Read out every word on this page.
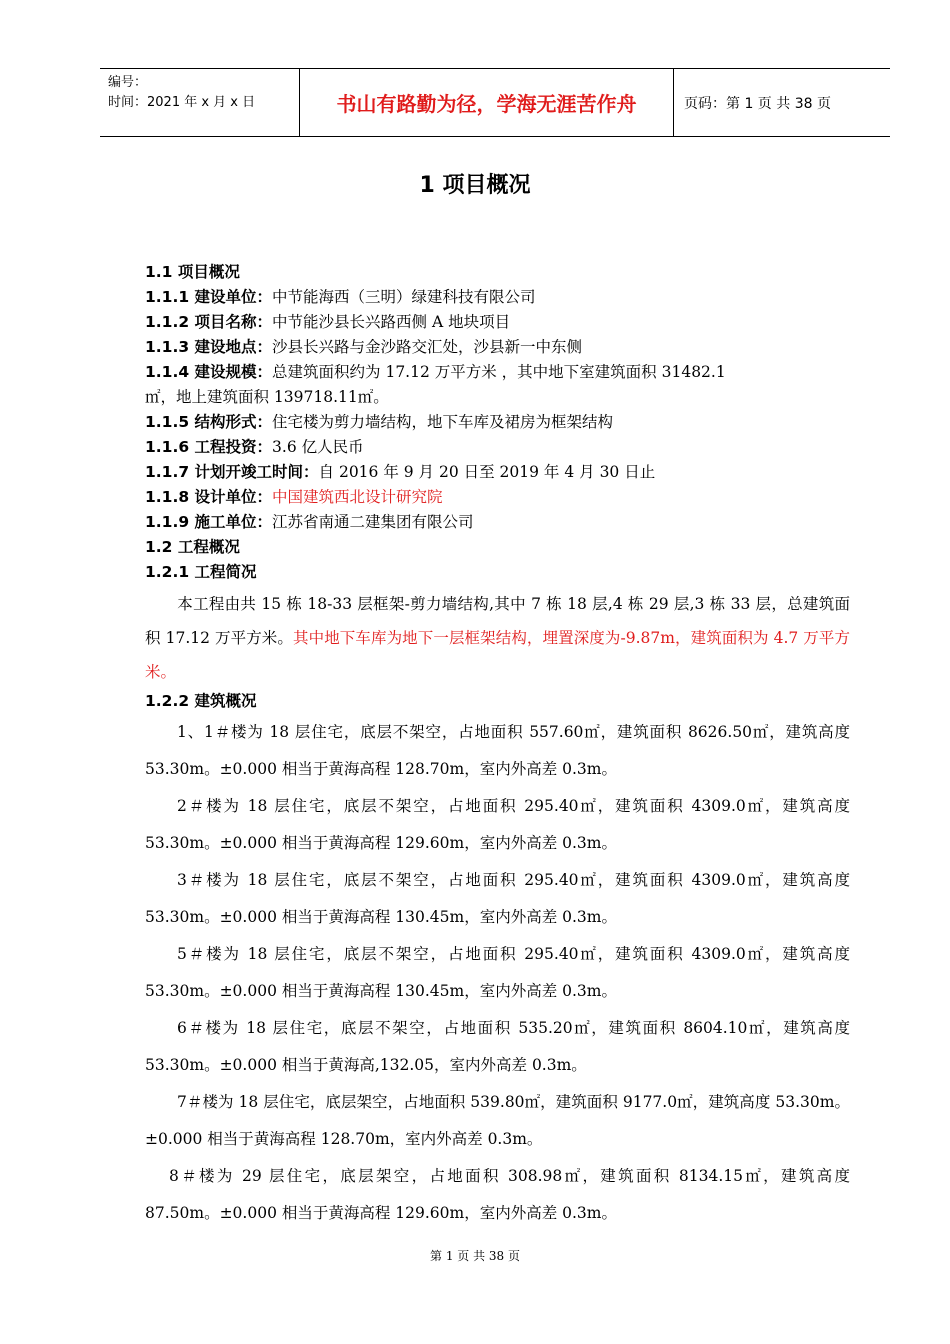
编号：
时间：2021 年 x 月 x 日	书山有路勤为径，学海无涯苦作舟	页码：第 1 页 共 38 页
1 项目概况
1.1 项目概况
1.1.1 建设单位：中节能海西（三明）绿建科技有限公司
1.1.2 项目名称：中节能沙县长兴路西侧 A 地块项目
1.1.3 建设地点：沙县长兴路与金沙路交汇处，沙县新一中东侧
1.1.4 建设规模：总建筑面积约为 17.12 万平方米 ，其中地下室建筑面积 31482.1
㎡，地上建筑面积 139718.11㎡。
1.1.5 结构形式：住宅楼为剪力墙结构，地下车库及裙房为框架结构
1.1.6 工程投资：3.6 亿人民币
1.1.7 计划开竣工时间：自 2016 年 9 月 20 日至 2019 年 4 月 30 日止
1.1.8 设计单位：中国建筑西北设计研究院
1.1.9 施工单位：江苏省南通二建集团有限公司
1.2 工程概况
1.2.1 工程简况
本工程由共 15 栋 18-33 层框架-剪力墙结构,其中 7 栋 18 层,4 栋 29 层,3 栋 33 层，总建筑面积 17.12 万平方米。其中地下车库为地下一层框架结构，埋置深度为-9.87m，建筑面积为 4.7 万平方米。
1.2.2 建筑概况
1、1＃楼为 18 层住宅，底层不架空，占地面积 557.60㎡，建筑面积 8626.50㎡，建筑高度 53.30m。±0.000 相当于黄海高程 128.70m，室内外高差 0.3m。
2＃楼为 18 层住宅，底层不架空，占地面积 295.40㎡，建筑面积 4309.0㎡，建筑高度 53.30m。±0.000 相当于黄海高程 129.60m，室内外高差 0.3m。
3＃楼为 18 层住宅，底层不架空，占地面积 295.40㎡，建筑面积 4309.0㎡，建筑高度 53.30m。±0.000 相当于黄海高程 130.45m，室内外高差 0.3m。
5＃楼为 18 层住宅，底层不架空，占地面积 295.40㎡，建筑面积 4309.0㎡，建筑高度 53.30m。±0.000 相当于黄海高程 130.45m，室内外高差 0.3m。
6＃楼为 18 层住宅，底层不架空，占地面积 535.20㎡，建筑面积 8604.10㎡，建筑高度 53.30m。±0.000 相当于黄海高,132.05，室内外高差 0.3m。
7＃楼为 18 层住宅，底层架空，占地面积 539.80㎡，建筑面积 9177.0㎡，建筑高度 53.30m。±0.000 相当于黄海高程 128.70m，室内外高差 0.3m。
8＃楼为 29 层住宅，底层架空，占地面积 308.98㎡，建筑面积 8134.15㎡，建筑高度 87.50m。±0.000 相当于黄海高程 129.60m，室内外高差 0.3m。
第 1 页 共 38 页
